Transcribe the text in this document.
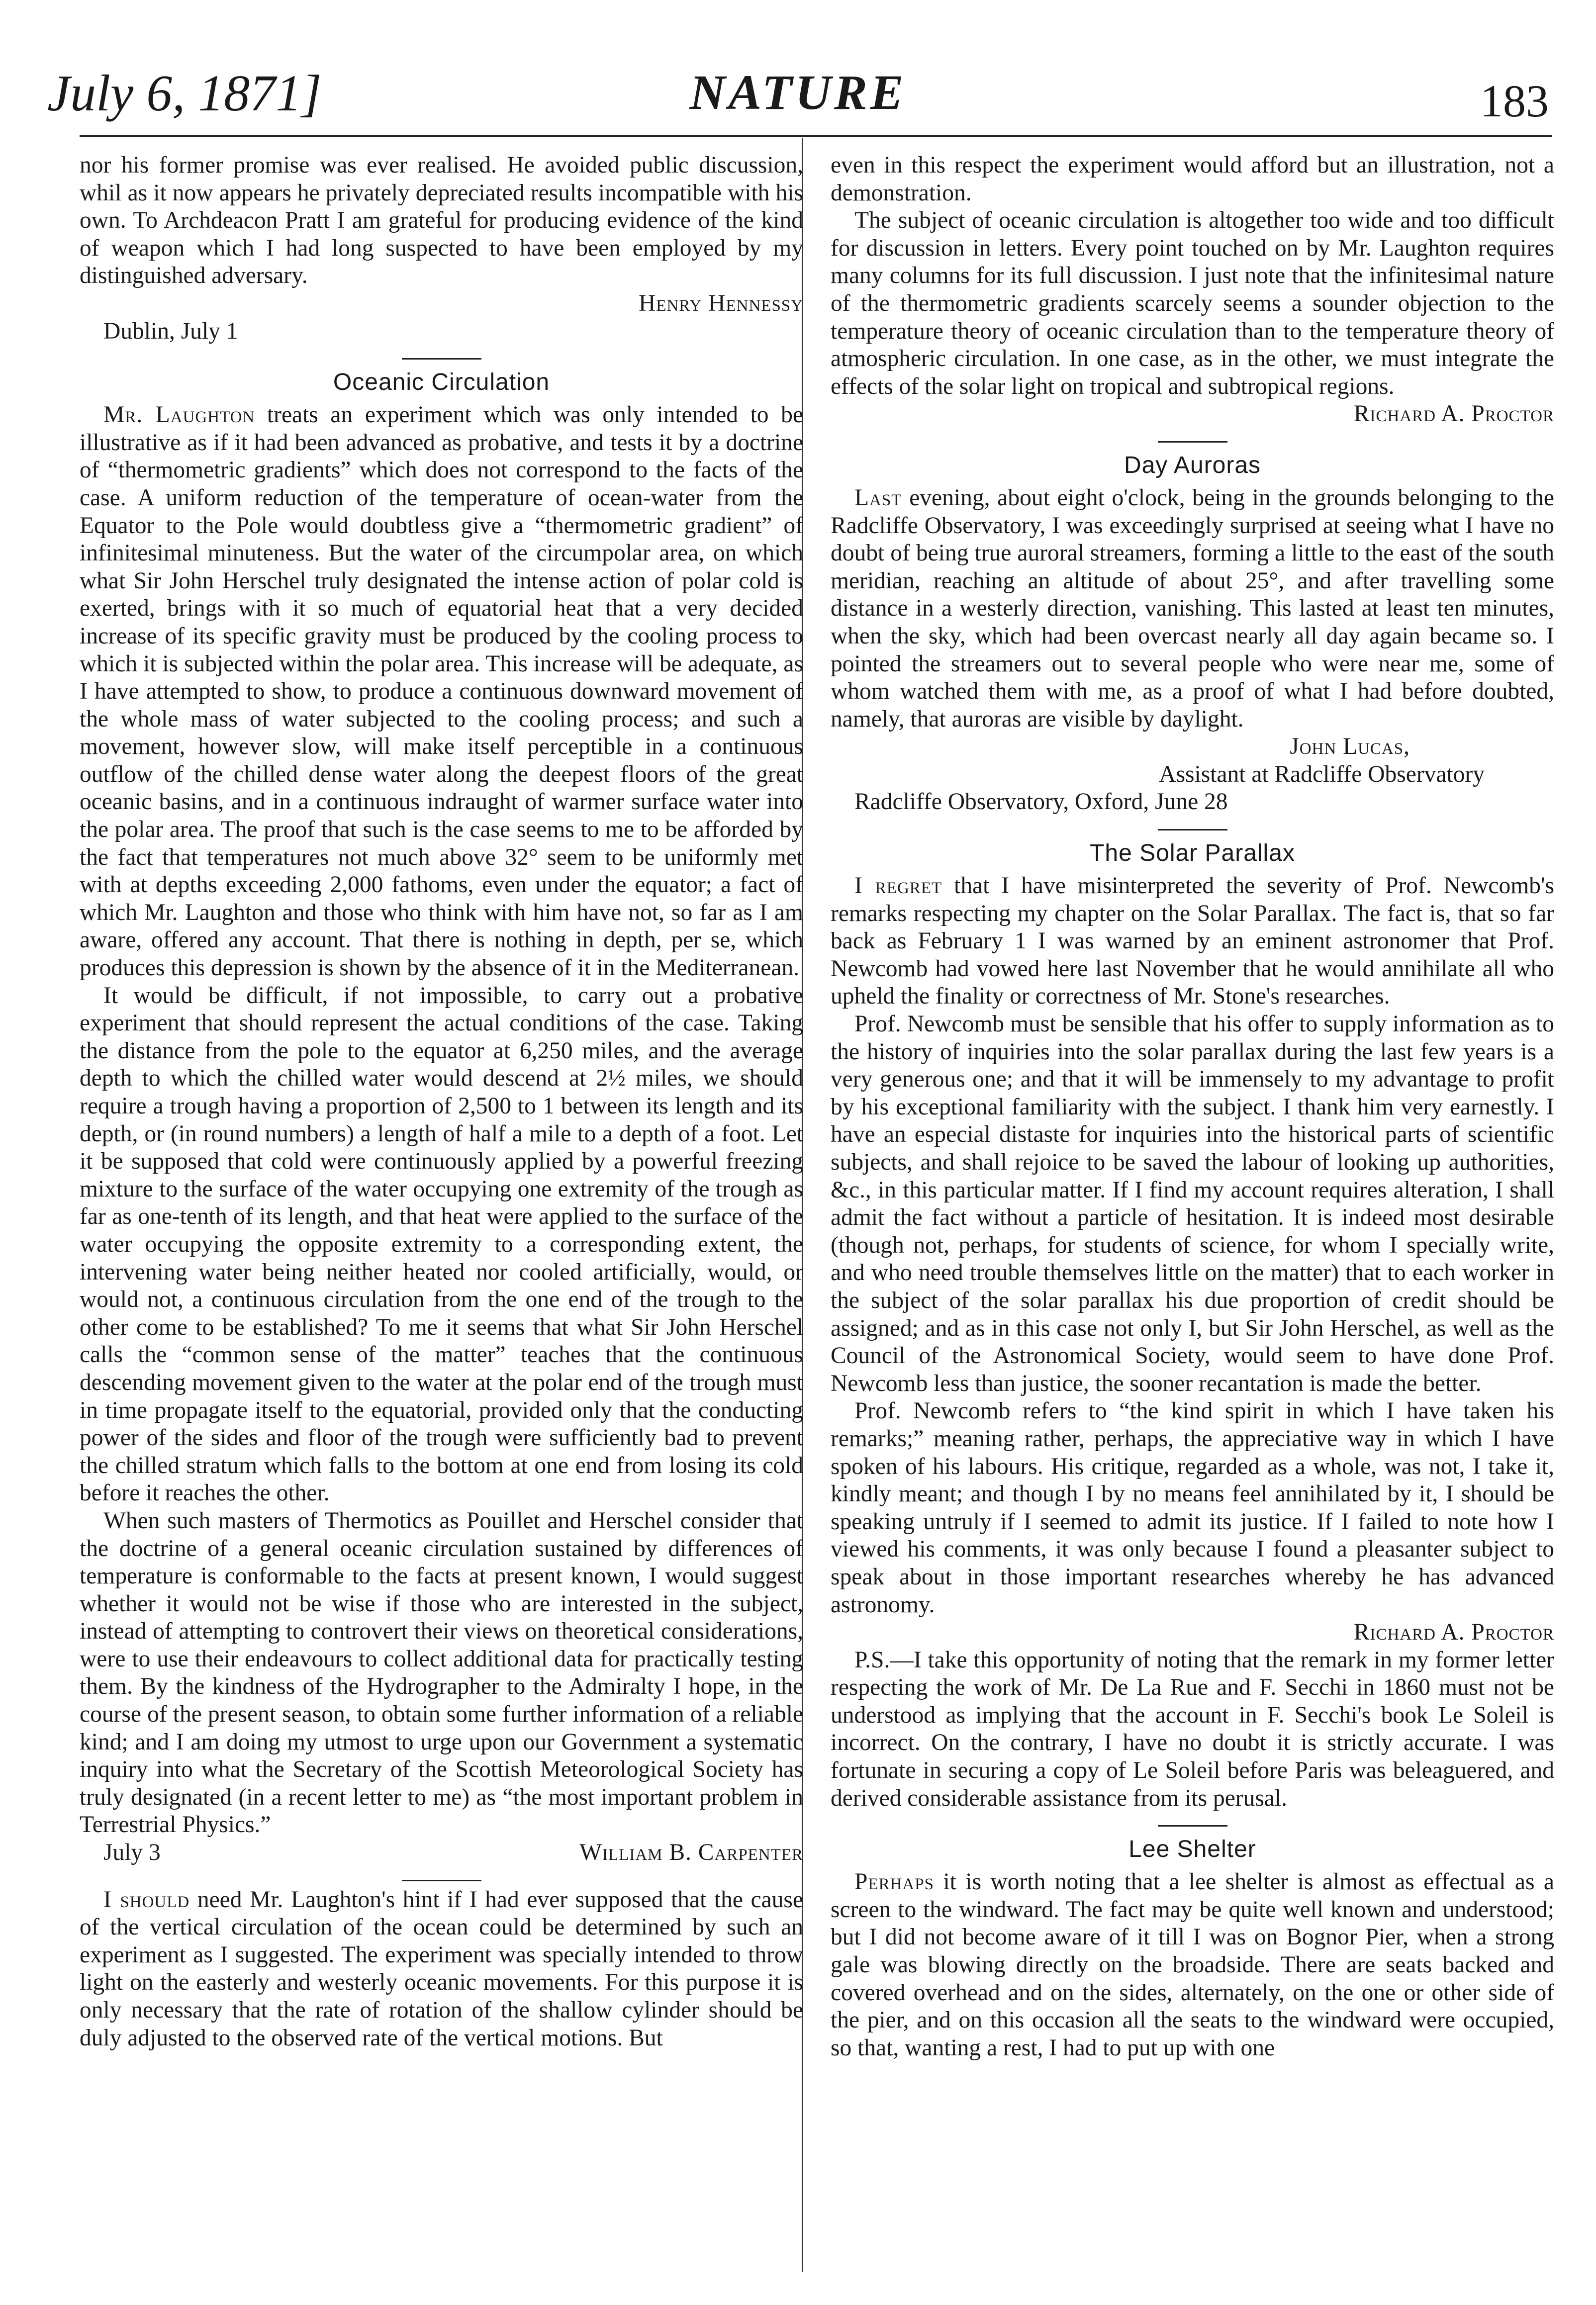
July 6, 1871]	NATURE	183

nor his former promise was ever realised. He avoided public discussion, whil as it now appears he privately depreciated results incompatible with his own. To Archdeacon Pratt I am grateful for producing evidence of the kind of weapon which I had long suspected to have been employed by my distinguished adversary.

Henry Hennessy

Dublin, July 1

Oceanic Circulation

Mr. Laughton treats an experiment which was only intended to be illustrative as if it had been advanced as probative, and tests it by a doctrine of “thermometric gradients” which does not correspond to the facts of the case. A uniform reduction of the temperature of ocean-water from the Equator to the Pole would doubtless give a “thermometric gradient” of infinitesimal minuteness. But the water of the circumpolar area, on which what Sir John Herschel truly designated the intense action of polar cold is exerted, brings with it so much of equatorial heat that a very decided increase of its specific gravity must be produced by the cooling process to which it is subjected within the polar area. This increase will be adequate, as I have attempted to show, to produce a continuous downward movement of the whole mass of water subjected to the cooling process; and such a movement, however slow, will make itself perceptible in a continuous outflow of the chilled dense water along the deepest floors of the great oceanic basins, and in a continuous indraught of warmer surface water into the polar area. The proof that such is the case seems to me to be afforded by the fact that temperatures not much above 32° seem to be uniformly met with at depths exceeding 2,000 fathoms, even under the equator; a fact of which Mr. Laughton and those who think with him have not, so far as I am aware, offered any account. That there is nothing in depth, per se, which produces this depression is shown by the absence of it in the Mediterranean.

It would be difficult, if not impossible, to carry out a probative experiment that should represent the actual conditions of the case. Taking the distance from the pole to the equator at 6,250 miles, and the average depth to which the chilled water would descend at 2½ miles, we should require a trough having a proportion of 2,500 to 1 between its length and its depth, or (in round numbers) a length of half a mile to a depth of a foot. Let it be supposed that cold were continuously applied by a powerful freezing mixture to the surface of the water occupying one extremity of the trough as far as one-tenth of its length, and that heat were applied to the surface of the water occupying the opposite extremity to a corresponding extent, the intervening water being neither heated nor cooled artificially, would, or would not, a continuous circulation from the one end of the trough to the other come to be established? To me it seems that what Sir John Herschel calls the “common sense of the matter” teaches that the continuous descending movement given to the water at the polar end of the trough must in time propagate itself to the equatorial, provided only that the conducting power of the sides and floor of the trough were sufficiently bad to prevent the chilled stratum which falls to the bottom at one end from losing its cold before it reaches the other.

When such masters of Thermotics as Pouillet and Herschel consider that the doctrine of a general oceanic circulation sustained by differences of temperature is conformable to the facts at present known, I would suggest whether it would not be wise if those who are interested in the subject, instead of attempting to controvert their views on theoretical considerations, were to use their endeavours to collect additional data for practically testing them. By the kindness of the Hydrographer to the Admiralty I hope, in the course of the present season, to obtain some further information of a reliable kind; and I am doing my utmost to urge upon our Government a systematic inquiry into what the Secretary of the Scottish Meteorological Society has truly designated (in a recent letter to me) as “the most important problem in Terrestrial Physics.”

July 3	William B. Carpenter

I should need Mr. Laughton's hint if I had ever supposed that the cause of the vertical circulation of the ocean could be determined by such an experiment as I suggested. The experiment was specially intended to throw light on the easterly and westerly oceanic movements. For this purpose it is only necessary that the rate of rotation of the shallow cylinder should be duly adjusted to the observed rate of the vertical motions. But

even in this respect the experiment would afford but an illustration, not a demonstration.

The subject of oceanic circulation is altogether too wide and too difficult for discussion in letters. Every point touched on by Mr. Laughton requires many columns for its full discussion. I just note that the infinitesimal nature of the thermometric gradients scarcely seems a sounder objection to the temperature theory of oceanic circulation than to the temperature theory of atmospheric circulation. In one case, as in the other, we must integrate the effects of the solar light on tropical and subtropical regions.

Richard A. Proctor

Day Auroras

Last evening, about eight o'clock, being in the grounds belonging to the Radcliffe Observatory, I was exceedingly surprised at seeing what I have no doubt of being true auroral streamers, forming a little to the east of the south meridian, reaching an altitude of about 25°, and after travelling some distance in a westerly direction, vanishing. This lasted at least ten minutes, when the sky, which had been overcast nearly all day again became so. I pointed the streamers out to several people who were near me, some of whom watched them with me, as a proof of what I had before doubted, namely, that auroras are visible by daylight.

John Lucas,

Assistant at Radcliffe Observatory

Radcliffe Observatory, Oxford, June 28

The Solar Parallax

I regret that I have misinterpreted the severity of Prof. Newcomb's remarks respecting my chapter on the Solar Parallax. The fact is, that so far back as February 1 I was warned by an eminent astronomer that Prof. Newcomb had vowed here last November that he would annihilate all who upheld the finality or correctness of Mr. Stone's researches.

Prof. Newcomb must be sensible that his offer to supply information as to the history of inquiries into the solar parallax during the last few years is a very generous one; and that it will be immensely to my advantage to profit by his exceptional familiarity with the subject. I thank him very earnestly. I have an especial distaste for inquiries into the historical parts of scientific subjects, and shall rejoice to be saved the labour of looking up authorities, &c., in this particular matter. If I find my account requires alteration, I shall admit the fact without a particle of hesitation. It is indeed most desirable (though not, perhaps, for students of science, for whom I specially write, and who need trouble themselves little on the matter) that to each worker in the subject of the solar parallax his due proportion of credit should be assigned; and as in this case not only I, but Sir John Herschel, as well as the Council of the Astronomical Society, would seem to have done Prof. Newcomb less than justice, the sooner recantation is made the better.

Prof. Newcomb refers to “the kind spirit in which I have taken his remarks;” meaning rather, perhaps, the appreciative way in which I have spoken of his labours. His critique, regarded as a whole, was not, I take it, kindly meant; and though I by no means feel annihilated by it, I should be speaking untruly if I seemed to admit its justice. If I failed to note how I viewed his comments, it was only because I found a pleasanter subject to speak about in those important researches whereby he has advanced astronomy.

Richard A. Proctor

P.S.—I take this opportunity of noting that the remark in my former letter respecting the work of Mr. De La Rue and F. Secchi in 1860 must not be understood as implying that the account in F. Secchi's book Le Soleil is incorrect. On the contrary, I have no doubt it is strictly accurate. I was fortunate in securing a copy of Le Soleil before Paris was beleaguered, and derived considerable assistance from its perusal.

Lee Shelter

Perhaps it is worth noting that a lee shelter is almost as effectual as a screen to the windward. The fact may be quite well known and understood; but I did not become aware of it till I was on Bognor Pier, when a strong gale was blowing directly on the broadside. There are seats backed and covered overhead and on the sides, alternately, on the one or other side of the pier, and on this occasion all the seats to the windward were occupied, so that, wanting a rest, I had to put up with one
